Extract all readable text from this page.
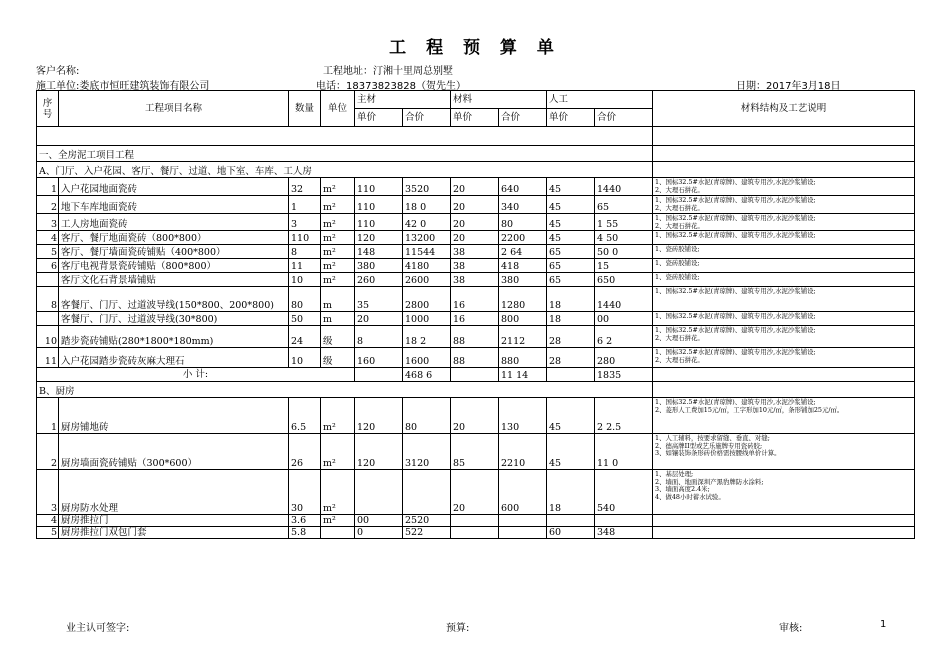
工 程 预 算 单
客户名称:	工程地址：汀湘十里周总别墅
施工单位:娄底市恒旺建筑装饰有限公司	电话：18373823828（贺先生）	日期：2017年3月18日
序号	工程项目名称	数量	单位	主材		材料		人工		材料结构及工艺说明
				单价	合价	单价	合价	单价	合价	

一、全房泥工项目工程										
A、门厅、入户花园、客厅、餐厅、过道、地下室、车库、工人房										
1	入户花园地面瓷砖	32	m²	110	3520	20	640	45	1440	1、国标32.5#水泥(青琼牌)、建筑专用沙,水泥沙浆铺设;
2、大理石拼花。
2	地下车库地面瓷砖	1	m²	110	18 0	20	340	45	65	1、国标32.5#水泥(青琼牌)、建筑专用沙,水泥沙浆铺设;
2、大理石拼花。
3	工人房地面瓷砖	3	m²	110	42 0	20	80	45	1 55	1、国标32.5#水泥(青琼牌)、建筑专用沙,水泥沙浆铺设;
2、大理石拼花。
4	客厅、餐厅地面瓷砖（800*800）	110	m²	120	13200	20	2200	45	4 50	1、国标32.5#水泥(青琼牌)、建筑专用沙,水泥沙浆铺设;
5	客厅、餐厅墙面瓷砖铺贴（400*800）	8	m²	148	11544	38	2 64	65	50 0	1、瓷砖胶铺设;
6	客厅电视背景瓷砖铺贴（800*800）	11	m²	380	4180	38	418	65	15	1、瓷砖胶铺设;
	客厅文化石背景墙铺贴	10	m²	260	2600	38	380	65	650	1、瓷砖胶铺设;
8	客餐厅、门厅、过道波导线(150*800、200*800)	80	m	35	2800	16	1280	18	1440	1、国标32.5#水泥(青琼牌)、建筑专用沙,水泥沙浆铺设;
	客餐厅、门厅、过道波导线(30*800)	50	m	20	1000	16	800	18	00	1、国标32.5#水泥(青琼牌)、建筑专用沙,水泥沙浆铺设;
10	踏步瓷砖铺贴(280*1800*180mm)	24	级	8	18 2	88	2112	28	6 2	1、国标32.5#水泥(青琼牌)、建筑专用沙,水泥沙浆铺设;
2、大理石拼花。
11	入户花园踏步瓷砖灰麻大理石	10	级	160	1600	88	880	28	280	1、国标32.5#水泥(青琼牌)、建筑专用沙,水泥沙浆铺设;
2、大理石拼花。
小 计:					468 6		11 14		1835	
B、厨房										
1	厨房铺地砖	6.5	m²	120	80	20	130	45	2 2.5	1、国标32.5#水泥(青琼牌)、建筑专用沙,水泥沙浆铺设;
2、菱形人工费加15元/㎡，工字形加10元/㎡，条形铺加25元/㎡。
2	厨房墙面瓷砖铺贴（300*600）	26	m²	120	3120	85	2210	45	11 0	1、人工辅料，按要求留缝、垂直、对缝;
2、德高牌II型或艺乐施牌专用瓷砖胶;
3、如镶装饰条形砖价格需按腰线单价计算。
3	厨房防水处理	30	m²			20	600	18	540	1、基层处理;
2、墙面、地面深圳产黑豹牌防水涂料;
3、墙面高度2.4米;
4、做48小时蓄水试验。
4	厨房推拉门	3.6	m²	00	2520					
5	厨房推拉门双包门套	5.8		0	522			60	348	
业主认可签字:	预算:	审核:	1
